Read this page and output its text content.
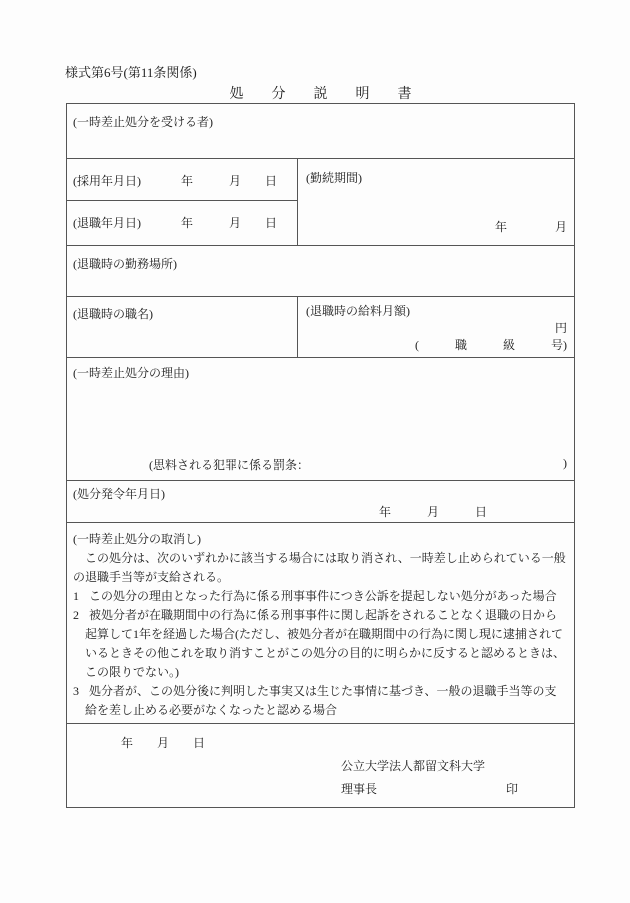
様式第6号(第11条関係)
処　　分　　説　　明　　書
(一時差止処分を受ける者)
(採用年月日)	年　　　月　　日
(退職年月日)	年　　　月　　日
(勤続期間)
年　　　　月
(退職時の勤務場所)
(退職時の職名)	(退職時の給料月額)
円
(　　　職　　　級　　　号)
(一時差止処分の理由)
(思料される犯罪に係る罰条：	)
(処分発令年月日)
年　　　月　　　日
(一時差止処分の取消し)
　この処分は、次のいずれかに該当する場合には取り消され、一時差し止められている一般の退職手当等が支給される。
1 この処分の理由となった行為に係る刑事事件につき公訴を提起しない処分があった場合
2 被処分者が在職期間中の行為に係る刑事事件に関し起訴をされることなく退職の日から起算して1年を経過した場合(ただし、被処分者が在職期間中の行為に関し現に逮捕されているときその他これを取り消すことがこの処分の目的に明らかに反すると認めるときは、この限りでない。)
3 処分者が、この処分後に判明した事実又は生じた事情に基づき、一般の退職手当等の支給を差し止める必要がなくなったと認める場合
年　　月　　日
公立大学法人都留文科大学
理事長	印
